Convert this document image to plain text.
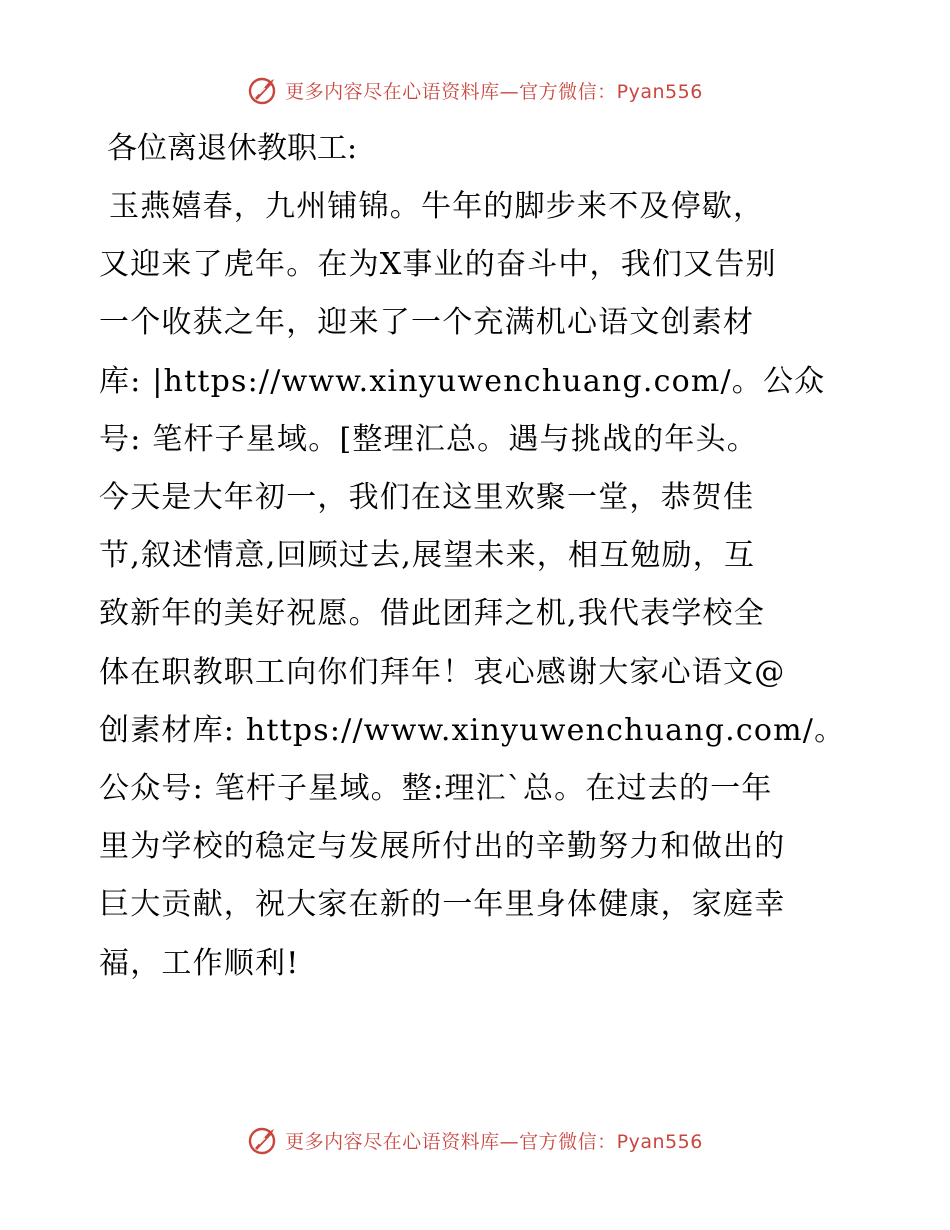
更多内容尽在心语资料库—官方微信：Pyan556

各位离退休教职工:

玉燕嬉春，九州铺锦。牛年的脚步来不及停歇，

又迎来了虎年。在为X事业的奋斗中，我们又告别

一个收获之年，迎来了一个充满机心语文创素材

库: |https://www.xinyuwenchuang.com/。公众

号: 笔杆子星域。[整理汇总。遇与挑战的年头。

今天是大年初一，我们在这里欢聚一堂，恭贺佳

节,叙述情意,回顾过去,展望未来，相互勉励，互

致新年的美好祝愿。借此团拜之机,我代表学校全

体在职教职工向你们拜年！衷心感谢大家心语文@

创素材库: https://www.xinyuwenchuang.com/。

公众号: 笔杆子星域。整:理汇`总。在过去的一年

里为学校的稳定与发展所付出的辛勤努力和做出的

巨大贡献，祝大家在新的一年里身体健康，家庭幸

福，工作顺利!

更多内容尽在心语资料库—官方微信：Pyan556
